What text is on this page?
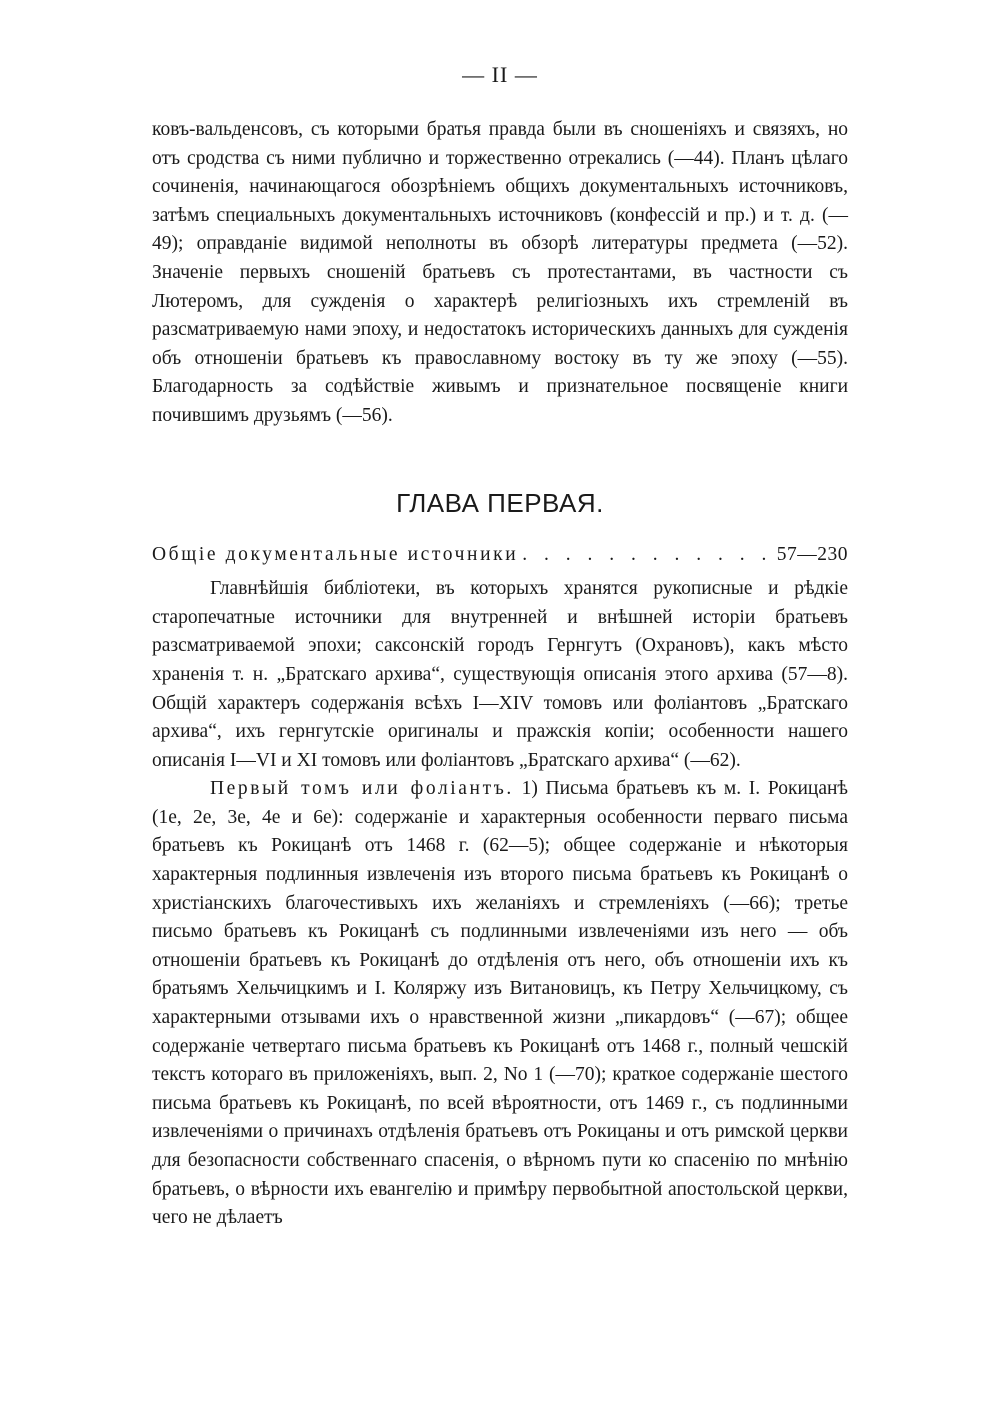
— II —

ковъ-вальденсовъ, съ которыми братья правда были въ сношеніяхъ и связяхъ, но отъ сродства съ ними публично и торжественно отрекались (—44). Планъ цѣлаго сочиненія, начинающагося обозрѣніемъ общихъ документальныхъ источниковъ, затѣмъ специальныхъ документальныхъ источниковъ (конфессій и пр.) и т. д. (—49); оправданіе видимой неполноты въ обзорѣ литературы предмета (—52). Значеніе первыхъ сношеній братьевъ съ протестантами, въ частности съ Лютеромъ, для сужденія о характерѣ религіозныхъ ихъ стремленій въ разсматриваемую нами эпоху, и недостатокъ историческихъ данныхъ для сужденія объ отношеніи братьевъ къ православному востоку въ ту же эпоху (—55). Благодарность за содѣйствіе живымъ и признательное посвященіе книги почившимъ друзьямъ (—56).

ГЛАВА ПЕРВАЯ.
Общіе документальные источники
. . .	57—230

Главнѣйшія библіотеки, въ которыхъ хранятся рукописные и рѣдкіе старопечатные источники для внутренней и внѣшней исторіи братьевъ разсматриваемой эпохи; саксонскій городъ Гернгутъ (Охрановъ), какъ мѣсто храненія т. н. „Братскаго архива“, существующія описанія этого архива (57—8). Общій характеръ содержанія всѣхъ I—XIV томовъ или фоліантовъ „Братскаго архива“, ихъ гернгутскіе оригиналы и пражскія копіи; особенности нашего описанія I—VI и XI томовъ или фоліантовъ „Братскаго архива“ (—62).

Первый томъ или фоліантъ. 1) Письма братьевъ къ м. І. Рокицанѣ (1е, 2е, 3е, 4е и 6е): содержаніе и характерныя особенности перваго письма братьевъ къ Рокицанѣ отъ 1468 г. (62—5); общее содержаніе и нѣкоторыя характерныя подлинныя извлеченія изъ второго письма братьевъ къ Рокицанѣ о христіанскихъ благочестивыхъ ихъ желаніяхъ и стремленіяхъ (—66); третье письмо братьевъ къ Рокицанѣ съ подлинными извлеченіями изъ него — объ отношеніи братьевъ къ Рокицанѣ до отдѣленія отъ него, объ отношеніи ихъ къ братьямъ Хельчицкимъ и І. Коляржу изъ Витановицъ, къ Петру Хельчицкому, съ характерными отзывами ихъ о нравственной жизни „пикардовъ“ (—67); общее содержаніе четвертаго письма братьевъ къ Рокицанѣ отъ 1468 г., полный чешскій текстъ котораго въ приложеніяхъ, вып. 2, No 1 (—70); краткое содержаніе шестого письма братьевъ къ Рокицанѣ, по всей вѣроятности, отъ 1469 г., съ подлинными извлеченіями о причинахъ отдѣленія братьевъ отъ Рокицаны и отъ римской церкви для безопасности собственнаго спасенія, о вѣрномъ пути ко спасенію по мнѣнію братьевъ, о вѣрности ихъ евангелію и примѣру первобытной апостольской церкви, чего не дѣлаетъ
